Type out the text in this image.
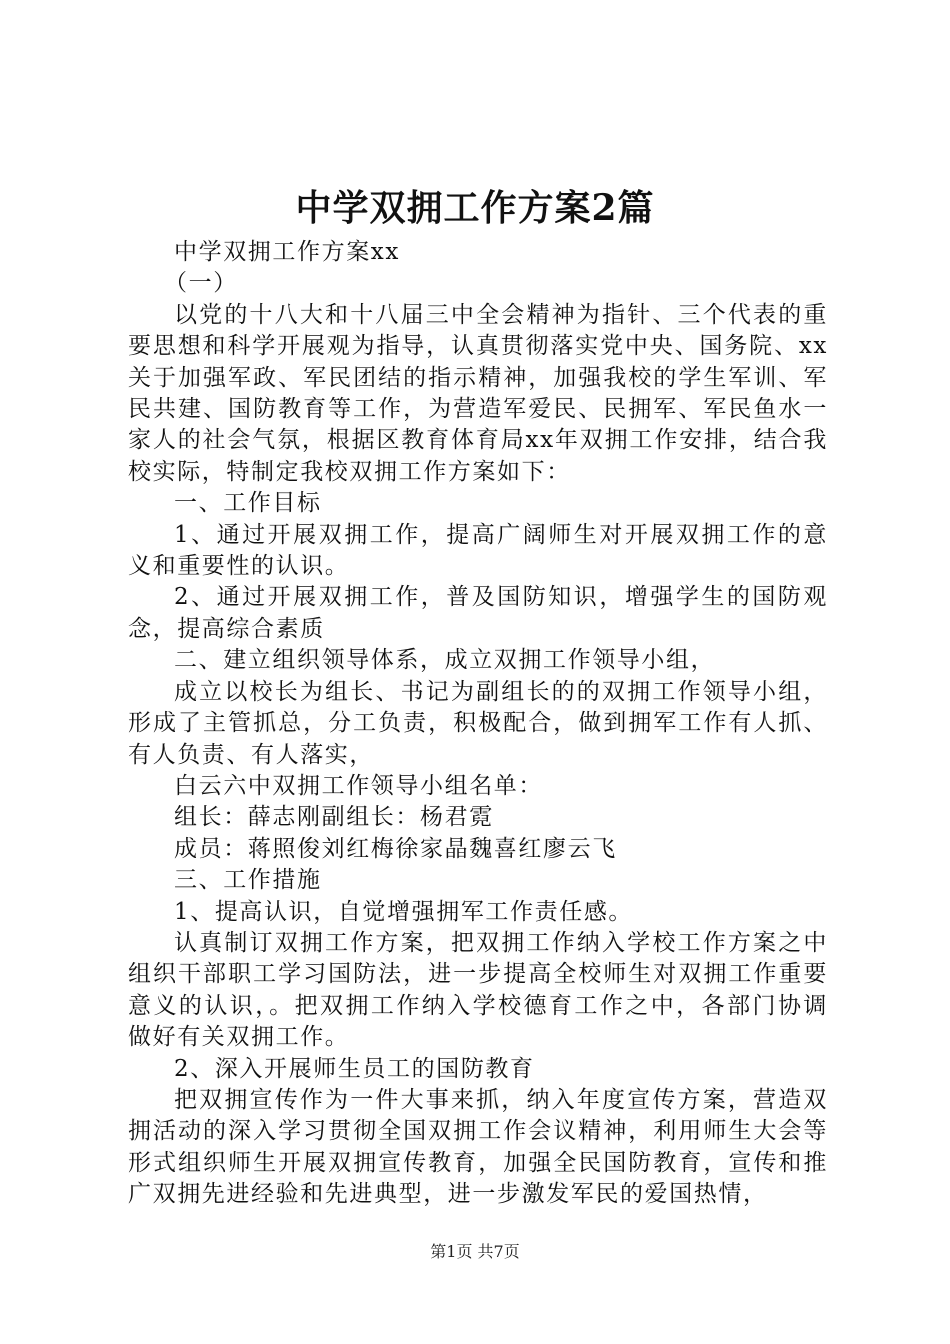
中学双拥工作方案2篇

中学双拥工作方案xx

（一）

以党的十八大和十八届三中全会精神为指针、三个代表的重要思想和科学开展观为指导，认真贯彻落实党中央、国务院、xx关于加强军政、军民团结的指示精神，加强我校的学生军训、军民共建、国防教育等工作，为营造军爱民、民拥军、军民鱼水一家人的社会气氛，根据区教育体育局xx年双拥工作安排，结合我校实际，特制定我校双拥工作方案如下：

一、工作目标

1、通过开展双拥工作，提高广阔师生对开展双拥工作的意义和重要性的认识。

2、通过开展双拥工作，普及国防知识，增强学生的国防观念，提高综合素质

二、建立组织领导体系，成立双拥工作领导小组，

成立以校长为组长、书记为副组长的的双拥工作领导小组，形成了主管抓总，分工负责，积极配合，做到拥军工作有人抓、有人负责、有人落实，

白云六中双拥工作领导小组名单：

组长：薛志刚副组长：杨君霓

成员：蒋照俊刘红梅徐家晶魏喜红廖云飞

三、工作措施

1、提高认识，自觉增强拥军工作责任感。

认真制订双拥工作方案，把双拥工作纳入学校工作方案之中组织干部职工学习国防法，进一步提高全校师生对双拥工作重要意义的认识，。把双拥工作纳入学校德育工作之中，各部门协调做好有关双拥工作。

2、深入开展师生员工的国防教育

把双拥宣传作为一件大事来抓，纳入年度宣传方案，营造双拥活动的深入学习贯彻全国双拥工作会议精神，利用师生大会等形式组织师生开展双拥宣传教育，加强全民国防教育，宣传和推广双拥先进经验和先进典型，进一步激发军民的爱国热情，

第1页 共7页
